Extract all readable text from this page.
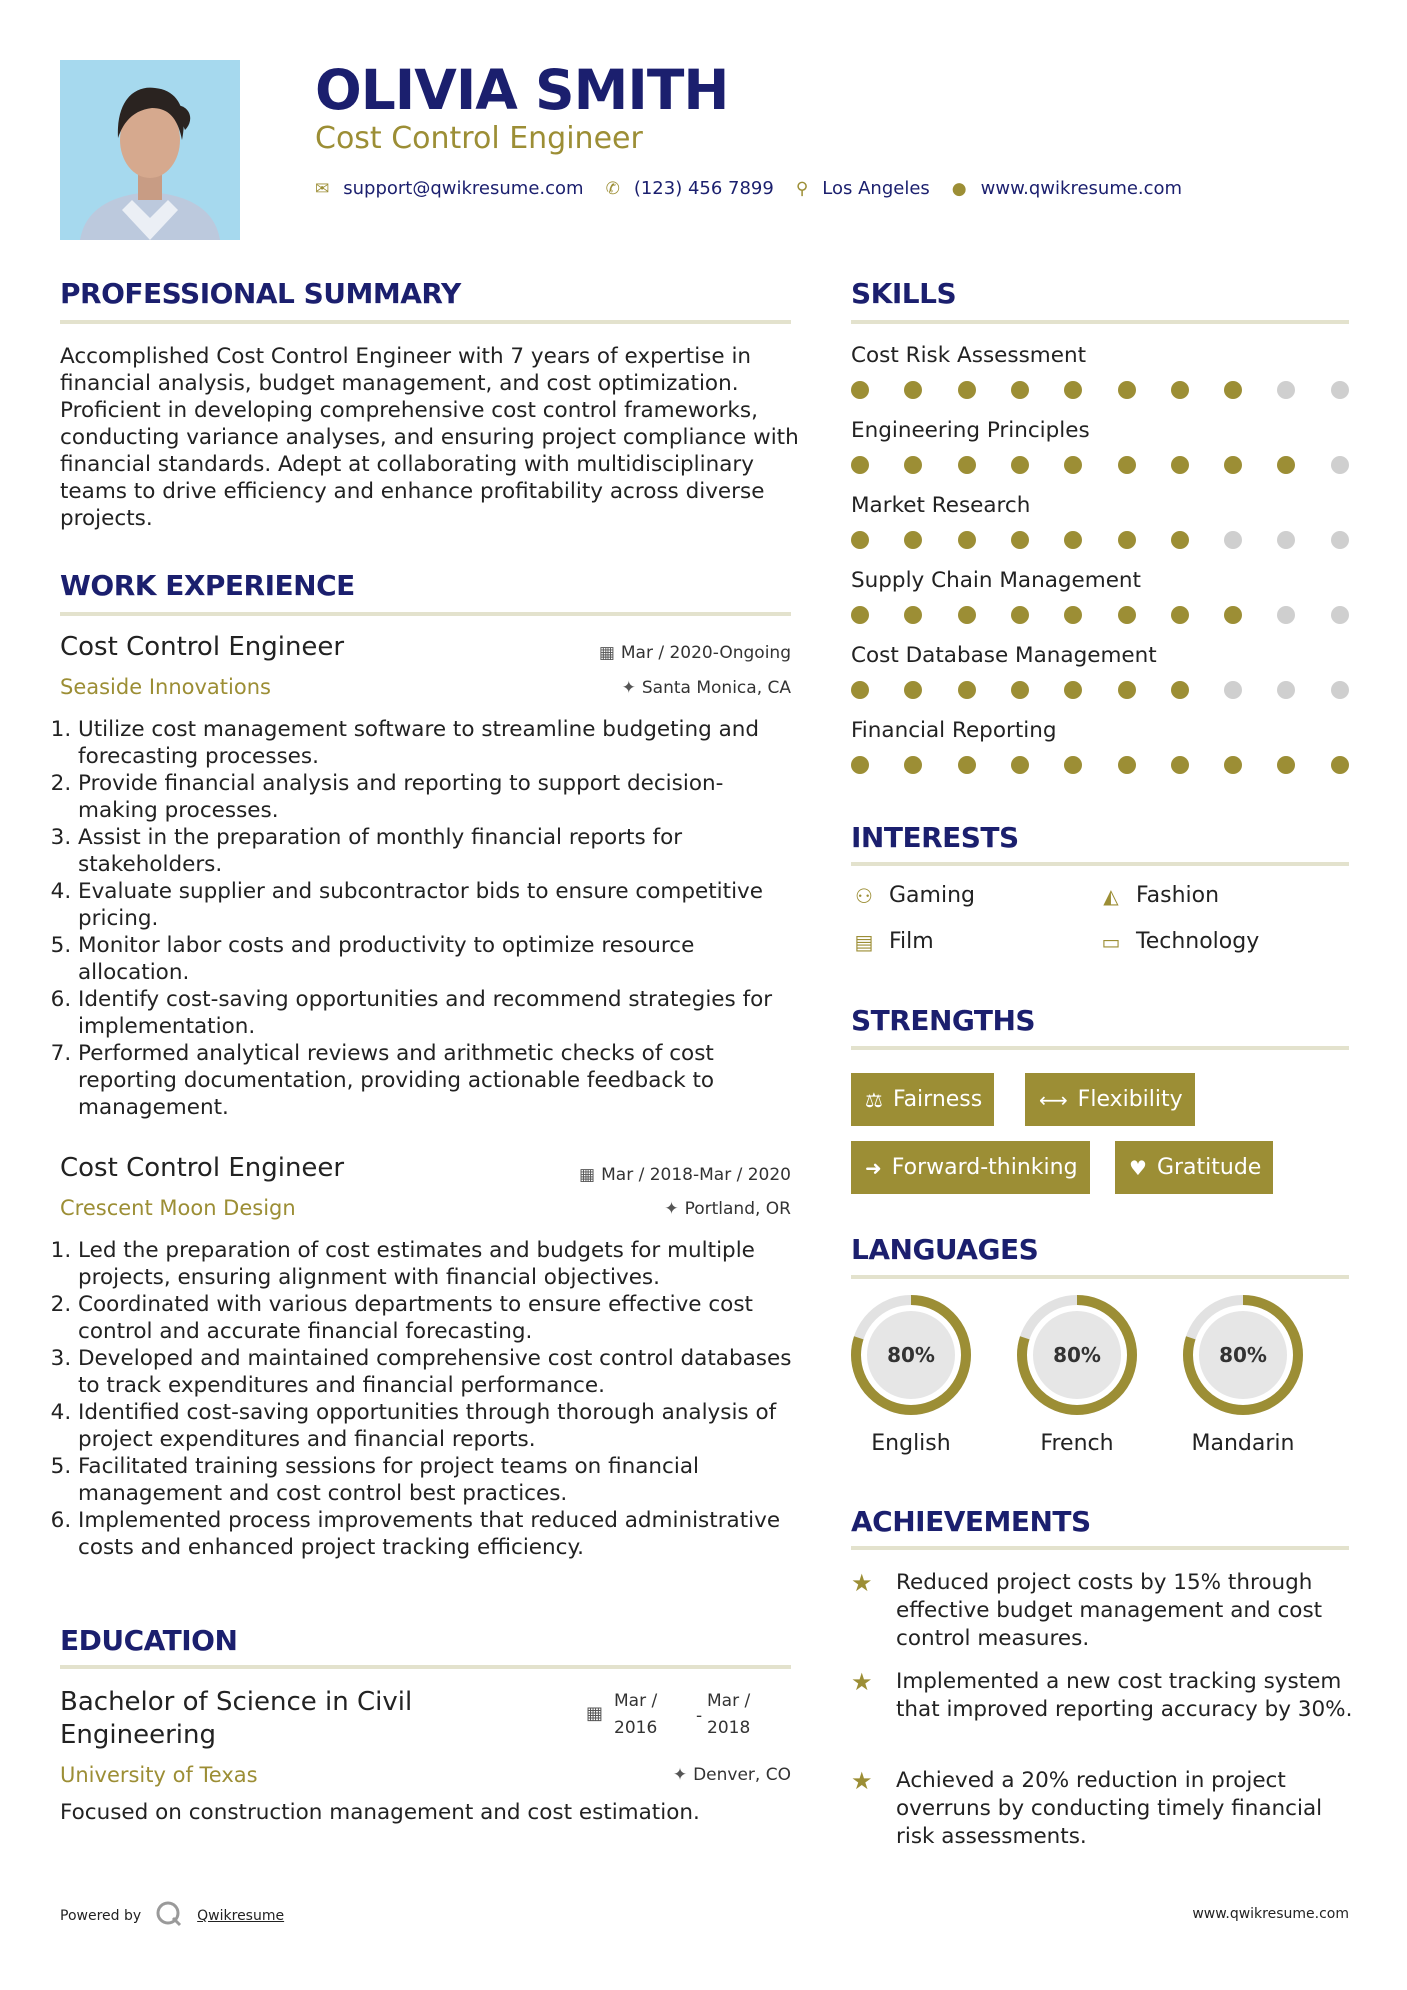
OLIVIA SMITH
Cost Control Engineer
✉ support@qwikresume.com ✆ (123) 456 7899 ⚲ Los Angeles ● www.qwikresume.com
PROFESSIONAL SUMMARY
Accomplished Cost Control Engineer with 7 years of expertise in financial analysis, budget management, and cost optimization. Proficient in developing comprehensive cost control frameworks, conducting variance analyses, and ensuring project compliance with financial standards. Adept at collaborating with multidisciplinary teams to drive efficiency and enhance profitability across diverse projects.
WORK EXPERIENCE
Cost Control Engineer	▦ Mar / 2020-Ongoing
Seaside Innovations	✦ Santa Monica, CA
1. Utilize cost management software to streamline budgeting and forecasting processes.
2. Provide financial analysis and reporting to support decision-making processes.
3. Assist in the preparation of monthly financial reports for stakeholders.
4. Evaluate supplier and subcontractor bids to ensure competitive pricing.
5. Monitor labor costs and productivity to optimize resource allocation.
6. Identify cost-saving opportunities and recommend strategies for implementation.
7. Performed analytical reviews and arithmetic checks of cost reporting documentation, providing actionable feedback to management.
Cost Control Engineer	▦ Mar / 2018-Mar / 2020
Crescent Moon Design	✦ Portland, OR
1. Led the preparation of cost estimates and budgets for multiple projects, ensuring alignment with financial objectives.
2. Coordinated with various departments to ensure effective cost control and accurate financial forecasting.
3. Developed and maintained comprehensive cost control databases to track expenditures and financial performance.
4. Identified cost-saving opportunities through thorough analysis of project expenditures and financial reports.
5. Facilitated training sessions for project teams on financial management and cost control best practices.
6. Implemented process improvements that reduced administrative costs and enhanced project tracking efficiency.
EDUCATION
Bachelor of Science in Civil Engineering
▦
Mar /
2016
-
Mar /
2018
University of Texas	✦ Denver, CO
Focused on construction management and cost estimation.
SKILLS
Cost Risk Assessment
Engineering Principles
Market Research
Supply Chain Management
Cost Database Management
Financial Reporting
INTERESTS
⚇ Gaming	◭ Fashion
▤ Film	▭ Technology
STRENGTHS
⚖ Fairness	⟷ Flexibility
➜ Forward-thinking	♥ Gratitude
LANGUAGES
80%
English
80%
French
80%
Mandarin
ACHIEVEMENTS
★	Reduced project costs by 15% through effective budget management and cost control measures.
★	Implemented a new cost tracking system that improved reporting accuracy by 30%.
★	Achieved a 20% reduction in project overruns by conducting timely financial risk assessments.
Powered by	Qwikresume	www.qwikresume.com
